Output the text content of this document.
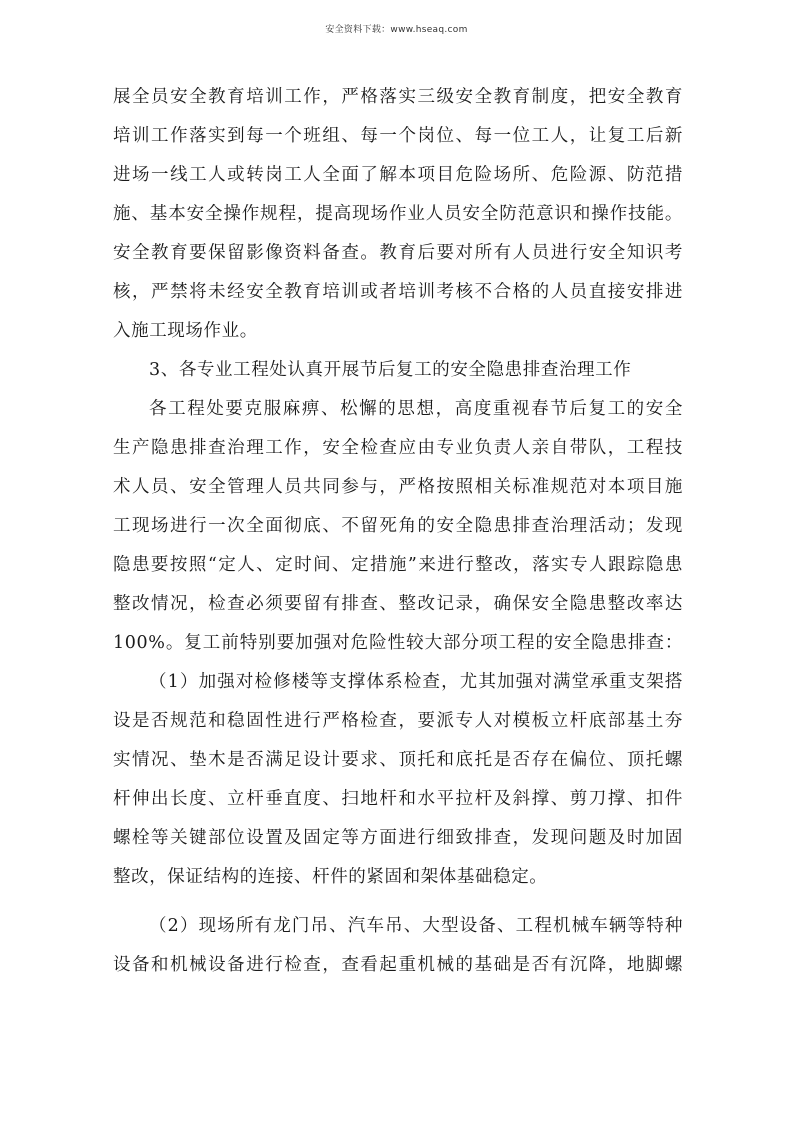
安全资料下载：www.hseaq.com
展全员安全教育培训工作，严格落实三级安全教育制度，把安全教育
培训工作落实到每一个班组、每一个岗位、每一位工人，让复工后新
进场一线工人或转岗工人全面了解本项目危险场所、危险源、防范措
施、基本安全操作规程，提高现场作业人员安全防范意识和操作技能。
安全教育要保留影像资料备查。教育后要对所有人员进行安全知识考
核，严禁将未经安全教育培训或者培训考核不合格的人员直接安排进
入施工现场作业。
3、各专业工程处认真开展节后复工的安全隐患排查治理工作
各工程处要克服麻痹、松懈的思想，高度重视春节后复工的安全
生产隐患排查治理工作，安全检查应由专业负责人亲自带队，工程技
术人员、安全管理人员共同参与，严格按照相关标准规范对本项目施
工现场进行一次全面彻底、不留死角的安全隐患排查治理活动；发现
隐患要按照“定人、定时间、定措施”来进行整改，落实专人跟踪隐患
整改情况，检查必须要留有排查、整改记录，确保安全隐患整改率达
100%。复工前特别要加强对危险性较大部分项工程的安全隐患排查：
（1）加强对检修楼等支撑体系检查，尤其加强对满堂承重支架搭
设是否规范和稳固性进行严格检查，要派专人对模板立杆底部基土夯
实情况、垫木是否满足设计要求、顶托和底托是否存在偏位、顶托螺
杆伸出长度、立杆垂直度、扫地杆和水平拉杆及斜撑、剪刀撑、扣件
螺栓等关键部位设置及固定等方面进行细致排查，发现问题及时加固
整改，保证结构的连接、杆件的紧固和架体基础稳定。
（2）现场所有龙门吊、汽车吊、大型设备、工程机械车辆等特种
设备和机械设备进行检查，查看起重机械的基础是否有沉降，地脚螺
